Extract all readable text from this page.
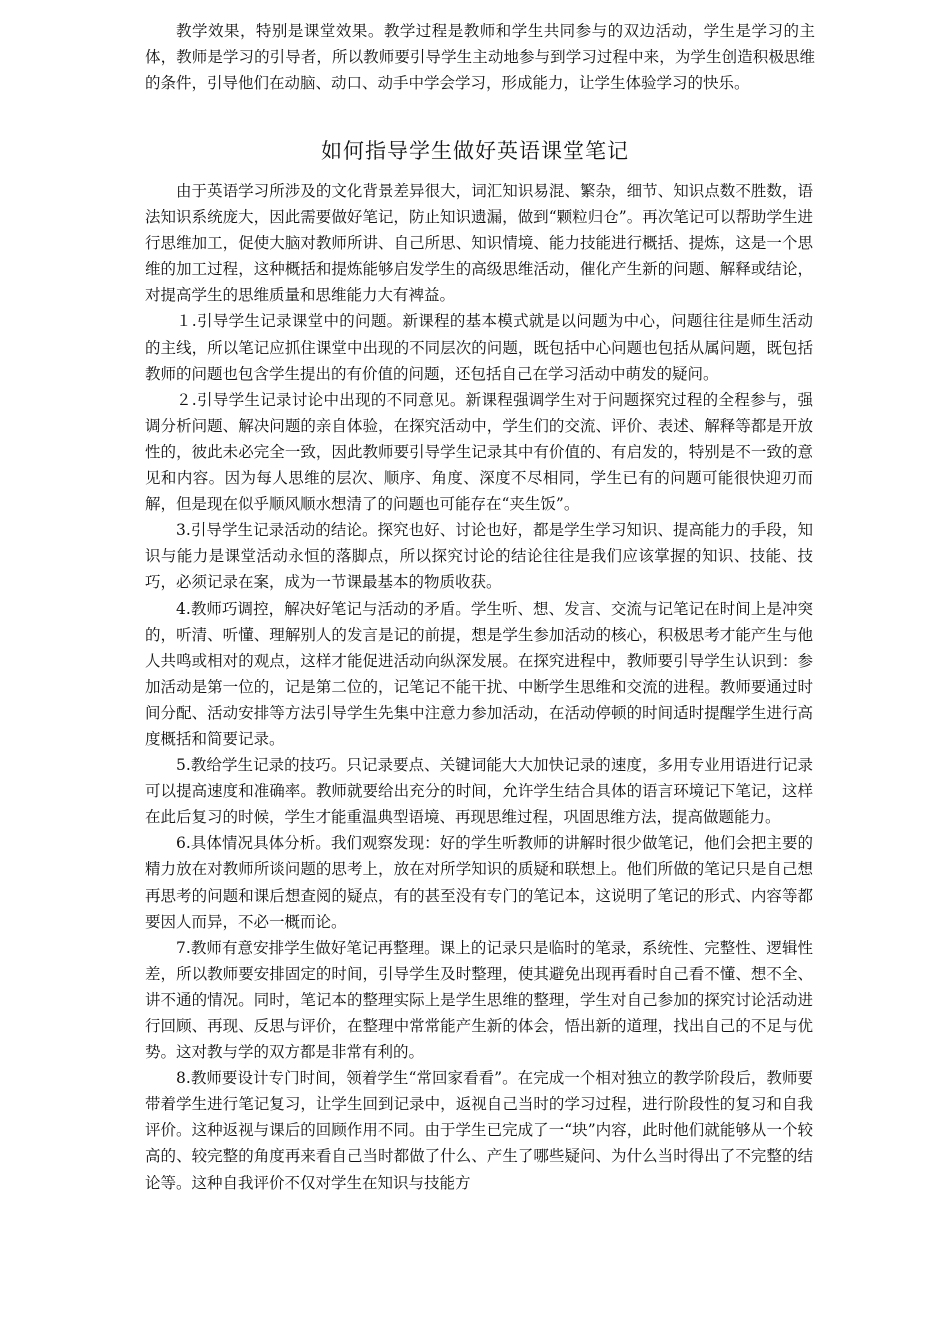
教学效果，特别是课堂效果。教学过程是教师和学生共同参与的双边活动，学生是学习的主体，教师是学习的引导者，所以教师要引导学生主动地参与到学习过程中来，为学生创造积极思维的条件，引导他们在动脑、动口、动手中学会学习，形成能力，让学生体验学习的快乐。

如何指导学生做好英语课堂笔记

由于英语学习所涉及的文化背景差异很大，词汇知识易混、繁杂，细节、知识点数不胜数，语法知识系统庞大，因此需要做好笔记，防止知识遗漏，做到“颗粒归仓”。再次笔记可以帮助学生进行思维加工，促使大脑对教师所讲、自己所思、知识情境、能力技能进行概括、提炼，这是一个思维的加工过程，这种概括和提炼能够启发学生的高级思维活动，催化产生新的问题、解释或结论，对提高学生的思维质量和思维能力大有裨益。

１.引导学生记录课堂中的问题。新课程的基本模式就是以问题为中心，问题往往是师生活动的主线，所以笔记应抓住课堂中出现的不同层次的问题，既包括中心问题也包括从属问题，既包括教师的问题也包含学生提出的有价值的问题，还包括自己在学习活动中萌发的疑问。

２.引导学生记录讨论中出现的不同意见。新课程强调学生对于问题探究过程的全程参与，强调分析问题、解决问题的亲自体验，在探究活动中，学生们的交流、评价、表述、解释等都是开放性的，彼此未必完全一致，因此教师要引导学生记录其中有价值的、有启发的，特别是不一致的意见和内容。因为每人思维的层次、顺序、角度、深度不尽相同，学生已有的问题可能很快迎刃而解，但是现在似乎顺风顺水想清了的问题也可能存在“夹生饭”。

3.引导学生记录活动的结论。探究也好、讨论也好，都是学生学习知识、提高能力的手段，知识与能力是课堂活动永恒的落脚点，所以探究讨论的结论往往是我们应该掌握的知识、技能、技巧，必须记录在案，成为一节课最基本的物质收获。

4.教师巧调控，解决好笔记与活动的矛盾。学生听、想、发言、交流与记笔记在时间上是冲突的，听清、听懂、理解别人的发言是记的前提，想是学生参加活动的核心，积极思考才能产生与他人共鸣或相对的观点，这样才能促进活动向纵深发展。在探究进程中，教师要引导学生认识到：参加活动是第一位的，记是第二位的，记笔记不能干扰、中断学生思维和交流的进程。教师要通过时间分配、活动安排等方法引导学生先集中注意力参加活动，在活动停顿的时间适时提醒学生进行高度概括和简要记录。

5.教给学生记录的技巧。只记录要点、关键词能大大加快记录的速度，多用专业用语进行记录可以提高速度和准确率。教师就要给出充分的时间，允许学生结合具体的语言环境记下笔记，这样在此后复习的时候，学生才能重温典型语境、再现思维过程，巩固思维方法，提高做题能力。

6.具体情况具体分析。我们观察发现：好的学生听教师的讲解时很少做笔记，他们会把主要的精力放在对教师所谈问题的思考上，放在对所学知识的质疑和联想上。他们所做的笔记只是自己想再思考的问题和课后想查阅的疑点，有的甚至没有专门的笔记本，这说明了笔记的形式、内容等都要因人而异，不必一概而论。

7.教师有意安排学生做好笔记再整理。课上的记录只是临时的笔录，系统性、完整性、逻辑性差，所以教师要安排固定的时间，引导学生及时整理，使其避免出现再看时自己看不懂、想不全、讲不通的情况。同时，笔记本的整理实际上是学生思维的整理，学生对自己参加的探究讨论活动进行回顾、再现、反思与评价，在整理中常常能产生新的体会，悟出新的道理，找出自己的不足与优势。这对教与学的双方都是非常有利的。

8.教师要设计专门时间，领着学生“常回家看看”。在完成一个相对独立的教学阶段后，教师要带着学生进行笔记复习，让学生回到记录中，返视自己当时的学习过程，进行阶段性的复习和自我评价。这种返视与课后的回顾作用不同。由于学生已完成了一“块”内容，此时他们就能够从一个较高的、较完整的角度再来看自己当时都做了什么、产生了哪些疑问、为什么当时得出了不完整的结论等。这种自我评价不仅对学生在知识与技能方
